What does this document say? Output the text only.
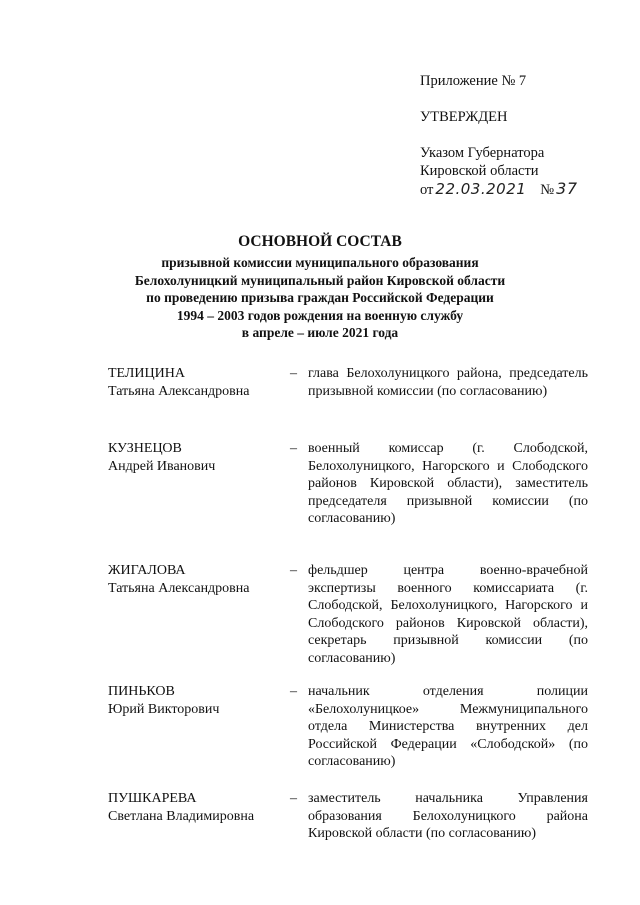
Приложение № 7
УТВЕРЖДЕН
Указом Губернатора
Кировской области
от 22.03.2021 № 37
ОСНОВНОЙ СОСТАВ
призывной комиссии муниципального образования
Белохолуницкий муниципальный район Кировской области
по проведению призыва граждан Российской Федерации
1994 – 2003 годов рождения на военную службу
в апреле – июле 2021 года
ТЕЛИЦИНА
Татьяна Александровна
– глава Белохолуницкого района, председатель призывной комиссии (по согласованию)
КУЗНЕЦОВ
Андрей Иванович
– военный комиссар (г. Слободской, Белохолуницкого, Нагорского и Слободского районов Кировской области), заместитель председателя призывной комиссии (по согласованию)
ЖИГАЛОВА
Татьяна Александровна
– фельдшер центра военно-врачебной экспертизы военного комиссариата (г. Слободской, Белохолуницкого, Нагорского и Слободского районов Кировской области), секретарь призывной комиссии (по согласованию)
ПИНЬКОВ
Юрий Викторович
– начальник отделения полиции «Белохолуницкое» Межмуниципального отдела Министерства внутренних дел Российской Федерации «Слободской» (по согласованию)
ПУШКАРЕВА
Светлана Владимировна
– заместитель начальника Управления образования Белохолуницкого района Кировской области (по согласованию)
